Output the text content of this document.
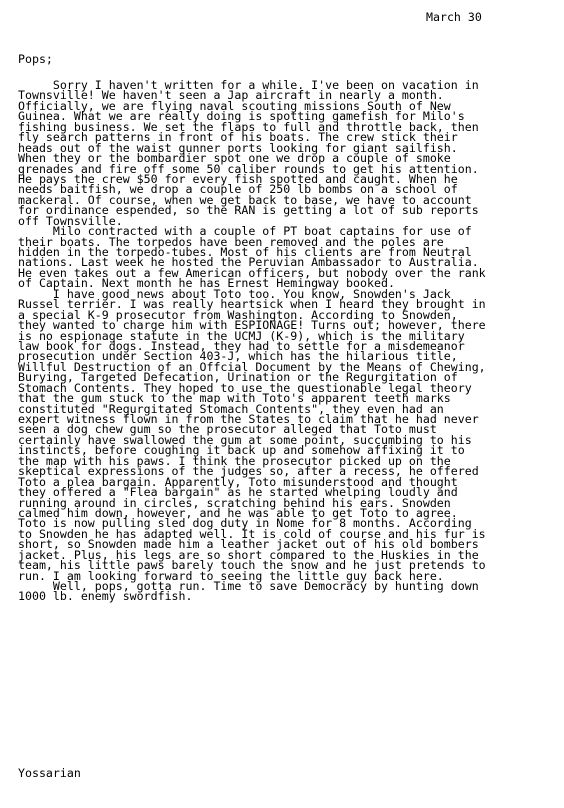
March 30
Pops;
Sorry I haven't written for a while. I've been on vacation in
Townsville! We haven't seen a Jap aircraft in nearly a month.
Officially, we are flying naval scouting missions South of New
Guinea. What we are really doing is spotting gamefish for Milo's
fishing business. We set the flaps to full and throttle back, then
fly search patterns in front of his boats. The crew stick their
heads out of the waist gunner ports looking for giant sailfish.
When they or the bombardier spot one we drop a couple of smoke
grenades and fire off some 50 caliber rounds to get his attention.
He pays the crew $50 for every fish spotted and caught. When he
needs baitfish, we drop a couple of 250 lb bombs on a school of
mackeral. Of course, when we get back to base, we have to account
for ordinance espended, so the RAN is getting a lot of sub reports
off Townsville.
Milo contracted with a couple of PT boat captains for use of
their boats. The torpedos have been removed and the poles are
hidden in the torpedo-tubes. Most of his clients are from Neutral
nations. Last week he hosted the Peruvian Ambassador to Australia.
He even takes out a few American officers, but nobody over the rank
of Captain. Next month he has Ernest Hemingway booked.
I have good news about Toto too. You know, Snowden's Jack
Russel terrier. I was really heartsick when I heard they brought in
a special K-9 prosecutor from Washington. According to Snowden,
they wanted to charge him with ESPIONAGE! Turns out; however, there
is no espionage statute in the UCMJ (K-9), which is the military
law book for dogs. Instead, they had to settle for a misdemeanor
prosecution under Section 403-J, which has the hilarious title,
Willful Destruction of an Offcial Document by the Means of Chewing,
Burying, Targeted Defecation, Urination or the Regurgitation of
Stomach Contents. They hoped to use the questionable legal theory
that the gum stuck to the map with Toto's apparent teeth marks
constituted "Regurgitated Stomach Contents", they even had an
expert witness flown in from the States to claim that he had never
seen a dog chew gum so the prosecutor alleged that Toto must
certainly have swallowed the gum at some point, succumbing to his
instincts, before coughing it back up and somehow affixing it to
the map with his paws. I think the prosecutor picked up on the
skeptical expressions of the judges so, after a recess, he offered
Toto a plea bargain. Apparently, Toto misunderstood and thought
they offered a "Flea bargain" as he started whelping loudly and
running around in circles, scratching behind his ears. Snowden
calmed him down, however, and he was able to get Toto to agree.
Toto is now pulling sled dog duty in Nome for 8 months. According
to Snowden he has adapted well. It is cold of course and his fur is
short, so Snowden made him a leather jacket out of his old bombers
jacket. Plus, his legs are so short compared to the Huskies in the
team, his little paws barely touch the snow and he just pretends to
run. I am looking forward to seeing the little guy back here.
Well, pops, gotta run. Time to save Democracy by hunting down
1000 lb. enemy swordfish.
Yossarian
